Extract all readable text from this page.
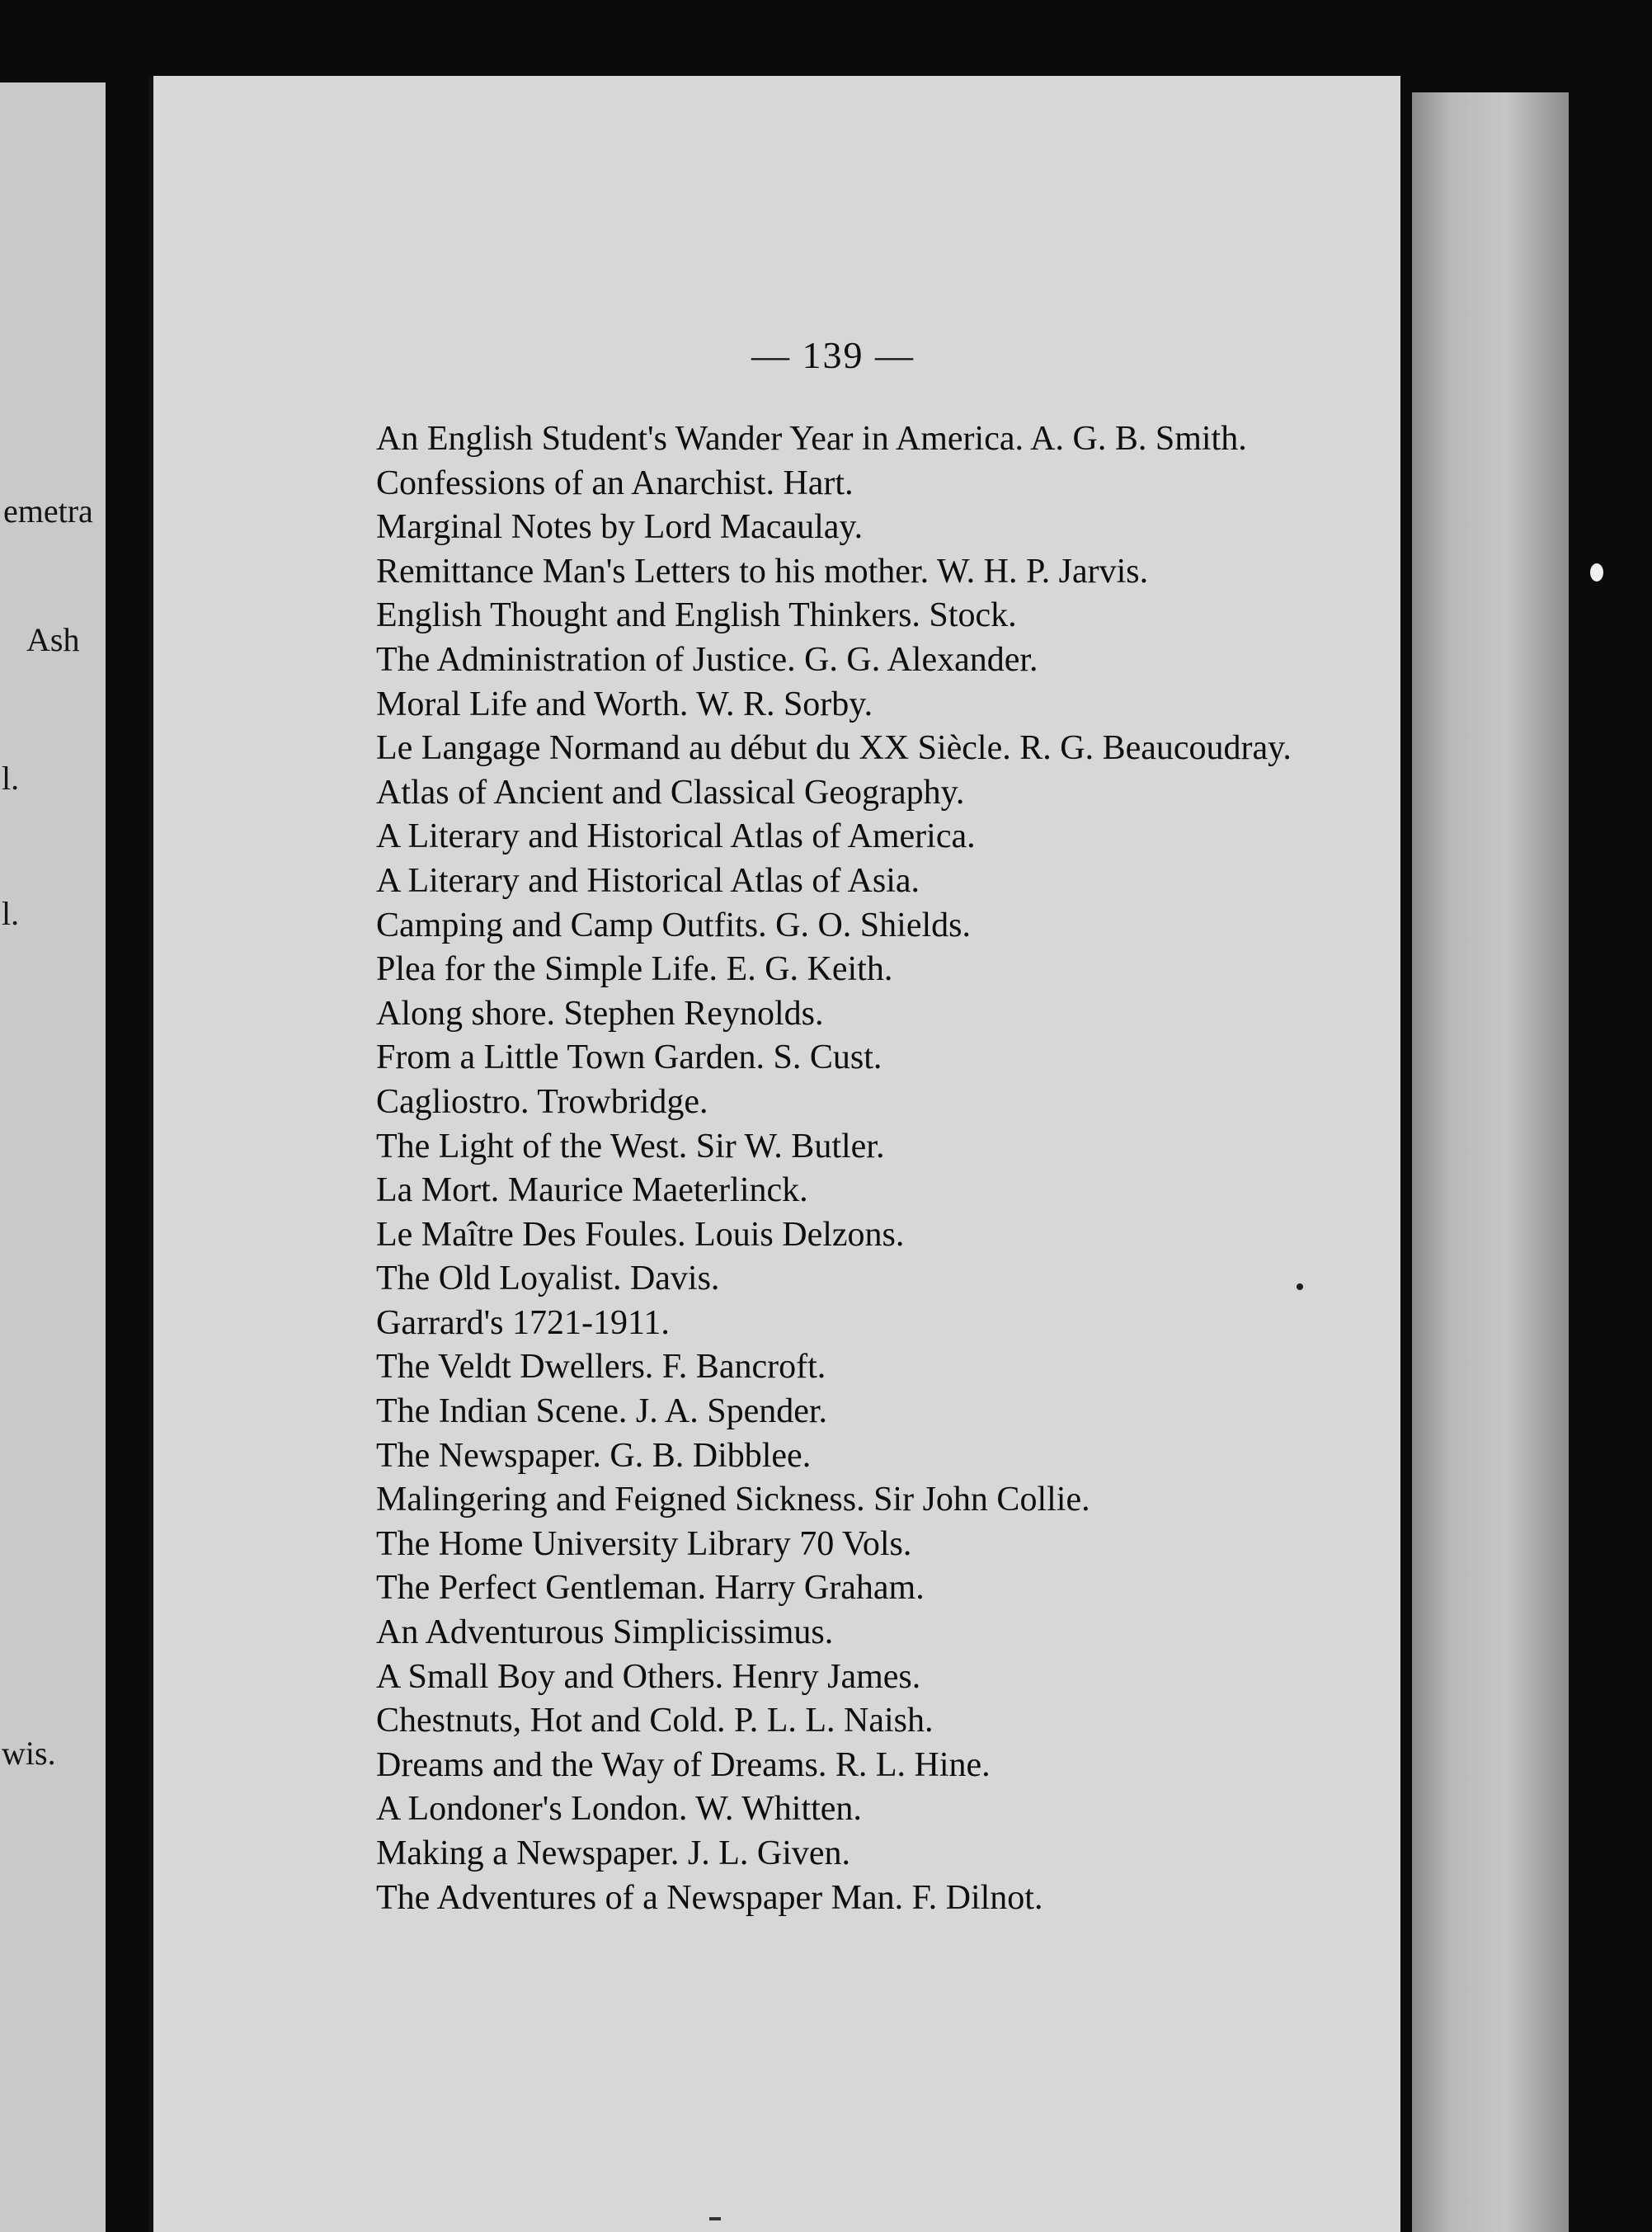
emetra
Ash
l.
l.
wis.
— 139 —
An English Student's Wander Year in America. A. G. B. Smith.
Confessions of an Anarchist. Hart.
Marginal Notes by Lord Macaulay.
Remittance Man's Letters to his mother. W. H. P. Jarvis.
English Thought and English Thinkers. Stock.
The Administration of Justice. G. G. Alexander.
Moral Life and Worth. W. R. Sorby.
Le Langage Normand au début du XX Siècle. R. G. Beaucoudray.
Atlas of Ancient and Classical Geography.
A Literary and Historical Atlas of America.
A Literary and Historical Atlas of Asia.
Camping and Camp Outfits. G. O. Shields.
Plea for the Simple Life. E. G. Keith.
Along shore. Stephen Reynolds.
From a Little Town Garden. S. Cust.
Cagliostro. Trowbridge.
The Light of the West. Sir W. Butler.
La Mort. Maurice Maeterlinck.
Le Maître Des Foules. Louis Delzons.
The Old Loyalist. Davis.
Garrard's 1721-1911.
The Veldt Dwellers. F. Bancroft.
The Indian Scene. J. A. Spender.
The Newspaper. G. B. Dibblee.
Malingering and Feigned Sickness. Sir John Collie.
The Home University Library 70 Vols.
The Perfect Gentleman. Harry Graham.
An Adventurous Simplicissimus.
A Small Boy and Others. Henry James.
Chestnuts, Hot and Cold. P. L. L. Naish.
Dreams and the Way of Dreams. R. L. Hine.
A Londoner's London. W. Whitten.
Making a Newspaper. J. L. Given.
The Adventures of a Newspaper Man. F. Dilnot.
